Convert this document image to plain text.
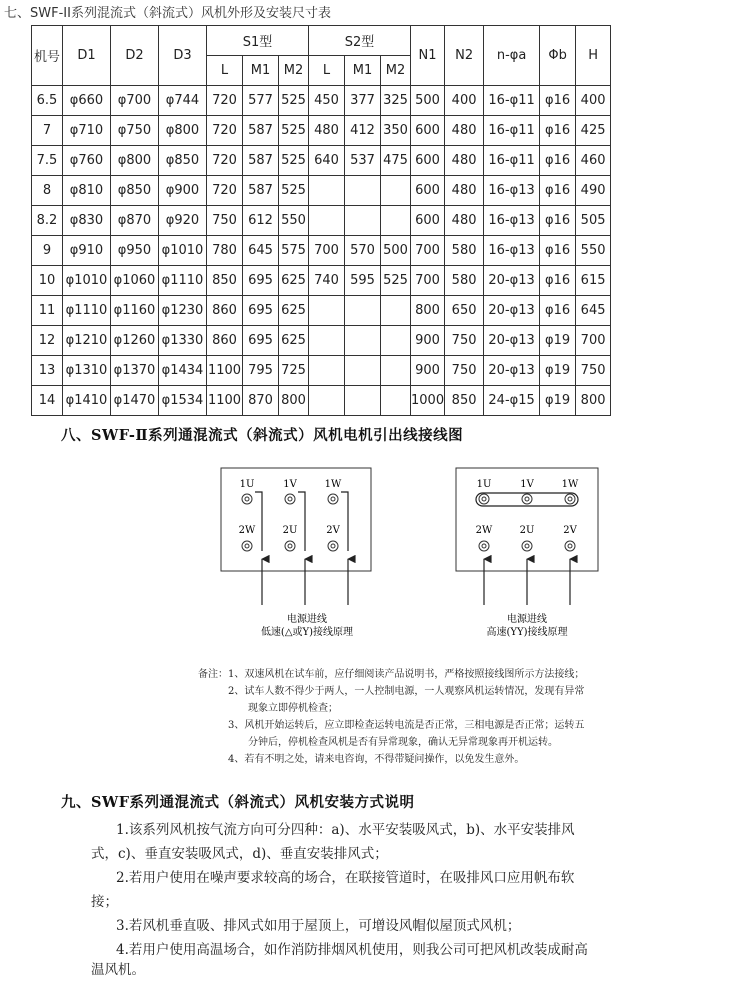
七、SWF-II系列混流式（斜流式）风机外形及安装尺寸表
机号	D1	D2	D3	S1型			S2型			N1	N2	n-φa	Φb	H
				L	M1	M2	L	M1	M2					
6.5	φ660	φ700	φ744	720	577	525	450	377	325	500	400	16-φ11	φ16	400
7	φ710	φ750	φ800	720	587	525	480	412	350	600	480	16-φ11	φ16	425
7.5	φ760	φ800	φ850	720	587	525	640	537	475	600	480	16-φ11	φ16	460
8	φ810	φ850	φ900	720	587	525				600	480	16-φ13	φ16	490
8.2	φ830	φ870	φ920	750	612	550				600	480	16-φ13	φ16	505
9	φ910	φ950	φ1010	780	645	575	700	570	500	700	580	16-φ13	φ16	550
10	φ1010	φ1060	φ1110	850	695	625	740	595	525	700	580	20-φ13	φ16	615
11	φ1110	φ1160	φ1230	860	695	625				800	650	20-φ13	φ16	645
12	φ1210	φ1260	φ1330	860	695	625				900	750	20-φ13	φ19	700
13	φ1310	φ1370	φ1434	1100	795	725				900	750	20-φ13	φ19	750
14	φ1410	φ1470	φ1534	1100	870	800				1000	850	24-φ15	φ19	800
八、SWF-Ⅱ系列通混流式（斜流式）风机电机引出线接线图
1U	1V	1W
2W	2U	2V
电源进线
低速(△或Y)接线原理
1U	1V	1W
2W	2U	2V
电源进线
高速(YY)接线原理
备注： 1、 双速风机在试车前，应仔细阅读产品说明书，严格按照接线图所示方法接线；
2、 试车人数不得少于两人，一人控制电源，一人观察风机运转情况，发现有异常
现象立即停机检查；
3、 风机开始运转后，应立即检查运转电流是否正常，三相电源是否正常；运转五
分钟后，停机检查风机是否有异常现象，确认无异常现象再开机运转。
4、 若有不明之处，请来电咨询，不得带疑问操作，以免发生意外。
九、SWF系列通混流式（斜流式）风机安装方式说明
1.该系列风机按气流方向可分四种：a)、水平安装吸风式，b)、水平安装排风
式，c)、垂直安装吸风式，d)、垂直安装排风式；
2.若用户使用在噪声要求较高的场合，在联接管道时，在吸排风口应用帆布软
接；
3.若风机垂直吸、排风式如用于屋顶上，可增设风帽似屋顶式风机；
4.若用户使用高温场合，如作消防排烟风机使用，则我公司可把风机改装成耐高
温风机。
